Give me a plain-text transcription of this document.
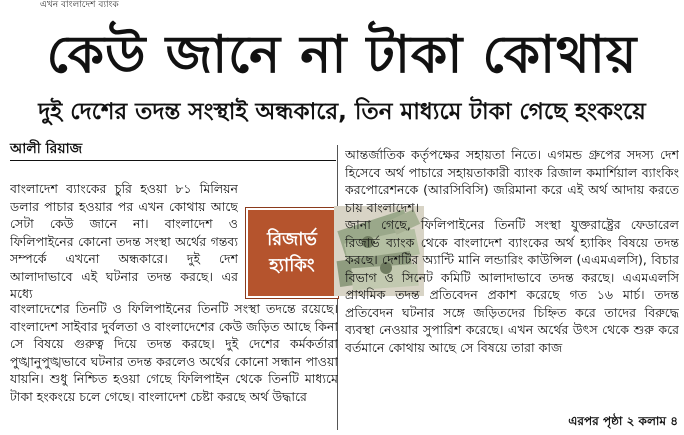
এখন বাংলাদেশ ব্যাংক
কেউ জানে না টাকা কোথায়
দুই দেশের তদন্ত সংস্থাই অন্ধকারে, তিন মাধ্যমে টাকা গেছে হংকংয়ে
আলী রিয়াজ

বাংলাদেশ ব্যাংকের চুরি হওয়া ৮১ মিলিয়ন ডলার পাচার হওয়ার পর এখন কোথায় আছে সেটা কেউ জানে না। বাংলাদেশ ও ফিলিপাইনের কোনো তদন্ত সংস্থা অর্থের গন্তব্য সম্পর্কে এখনো অন্ধকারে। দুই দেশ আলাদাভাবে এই ঘটনার তদন্ত করছে। এর মধ্যে

রিজার্ভ
হ্যাকিং

বাংলাদেশের তিনটি ও ফিলিপাইনের তিনটি সংস্থা তদন্তে রয়েছে। বাংলাদেশ সাইবার দুর্বলতা ও বাংলাদেশের কেউ জড়িত আছে কিনা সে বিষয়ে গুরুত্ব দিয়ে তদন্ত করছে। দুই দেশের কর্মকর্তারা পুঙ্খানুপুঙ্খভাবে ঘটনার তদন্ত করলেও অর্থের কোনো সন্ধান পাওয়া যায়নি। শুধু নিশ্চিত হওয়া গেছে ফিলিপাইন থেকে তিনটি মাধ্যমে টাকা হংকংয়ে চলে গেছে। বাংলাদেশ চেষ্টা করছে অর্থ উদ্ধারে

আন্তর্জাতিক কর্তৃপক্ষের সহায়তা নিতে। এগমন্ড গ্রুপের সদস্য দেশ হিসেবে অর্থ পাচারে সহায়তাকারী ব্যাংক রিজাল কমার্শিয়াল ব্যাংকিং করপোরেশনকে (আরসিবিসি) জরিমানা করে এই অর্থ আদায় করতে চায় বাংলাদেশ।

জানা গেছে, ফিলিপাইনের তিনটি সংস্থা যুক্তরাষ্ট্রের ফেডারেল রিজার্ভ ব্যাংক থেকে বাংলাদেশ ব্যাংকের অর্থ হ্যাকিং বিষয়ে তদন্ত করছে। দেশটির অ্যান্টি মানি লন্ডারিং কাউন্সিল (এএমএলসি), বিচার বিভাগ ও সিনেট কমিটি আলাদাভাবে তদন্ত করছে। এএমএলসি প্রাথমিক তদন্ত প্রতিবেদন প্রকাশ করেছে গত ১৬ মার্চ। তদন্ত প্রতিবেদন ঘটনার সঙ্গে জড়িতদের চিহ্নিত করে তাদের বিরুদ্ধে ব্যবস্থা নেওয়ার সুপারিশ করেছে। এখন অর্থের উৎস থেকে শুরু করে বর্তমানে কোথায় আছে সে বিষয়ে তারা কাজ

এরপর পৃষ্ঠা ২ কলাম ৪
